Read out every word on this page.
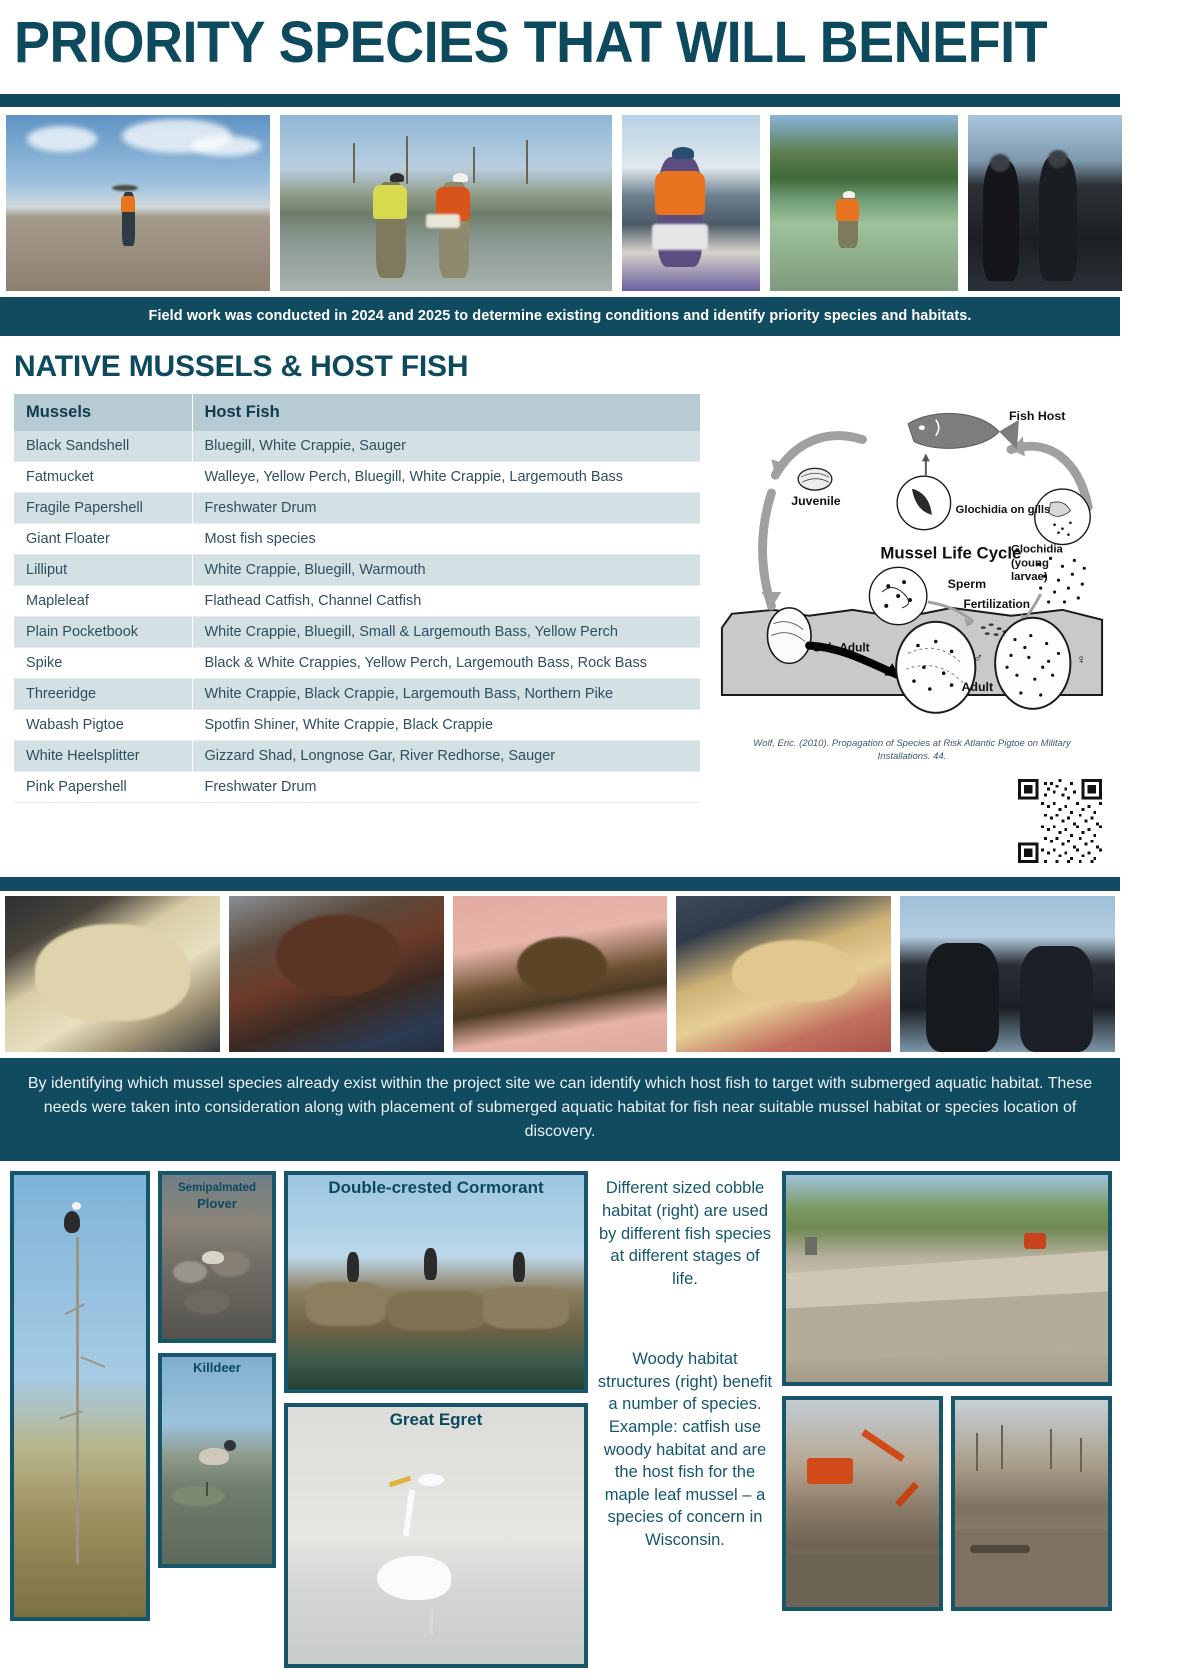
PRIORITY SPECIES THAT WILL BENEFIT
Field work was conducted in 2024 and 2025 to determine existing conditions and identify priority species and habitats.
NATIVE MUSSELS & HOST FISH
Mussels	Host Fish
Black Sandshell	Bluegill, White Crappie, Sauger
Fatmucket	Walleye, Yellow Perch, Bluegill, White Crappie, Largemouth Bass
Fragile Papershell	Freshwater Drum
Giant Floater	Most fish species
Lilliput	White Crappie, Bluegill, Warmouth
Mapleleaf	Flathead Catfish, Channel Catfish
Plain Pocketbook	White Crappie, Bluegill, Small & Largemouth Bass, Yellow Perch
Spike	Black & White Crappies, Yellow Perch, Largemouth Bass, Rock Bass
Threeridge	White Crappie, Black Crappie, Largemouth Bass, Northern Pike
Wabash Pigtoe	Spotfin Shiner, White Crappie, Black Crappie
White Heelsplitter	Gizzard Shad, Longnose Gar, River Redhorse, Sauger
Pink Papershell	Freshwater Drum
Fish Host
Juvenile
Glochidia on gills
Mussel Life Cycle
Sperm
Fertilization
Glochidia
(young
larvae)
Sub-Adult
Adult
♂	♀
Wolf, Eric. (2010). Propagation of Species at Risk Atlantic Pigtoe on Military Installations. 44.
By identifying which mussel species already exist within the project site we can identify which host fish to target with submerged aquatic habitat. These needs were taken into consideration along with placement of submerged aquatic habitat for fish near suitable mussel habitat or species location of discovery.
Semipalmated
Plover
Killdeer
Double-crested Cormorant
Great Egret
Different sized cobble habitat (right) are used by different fish species at different stages of life.
Woody habitat structures (right) benefit a number of species. Example: catfish use woody habitat and are the host fish for the maple leaf mussel – a species of concern in Wisconsin.
